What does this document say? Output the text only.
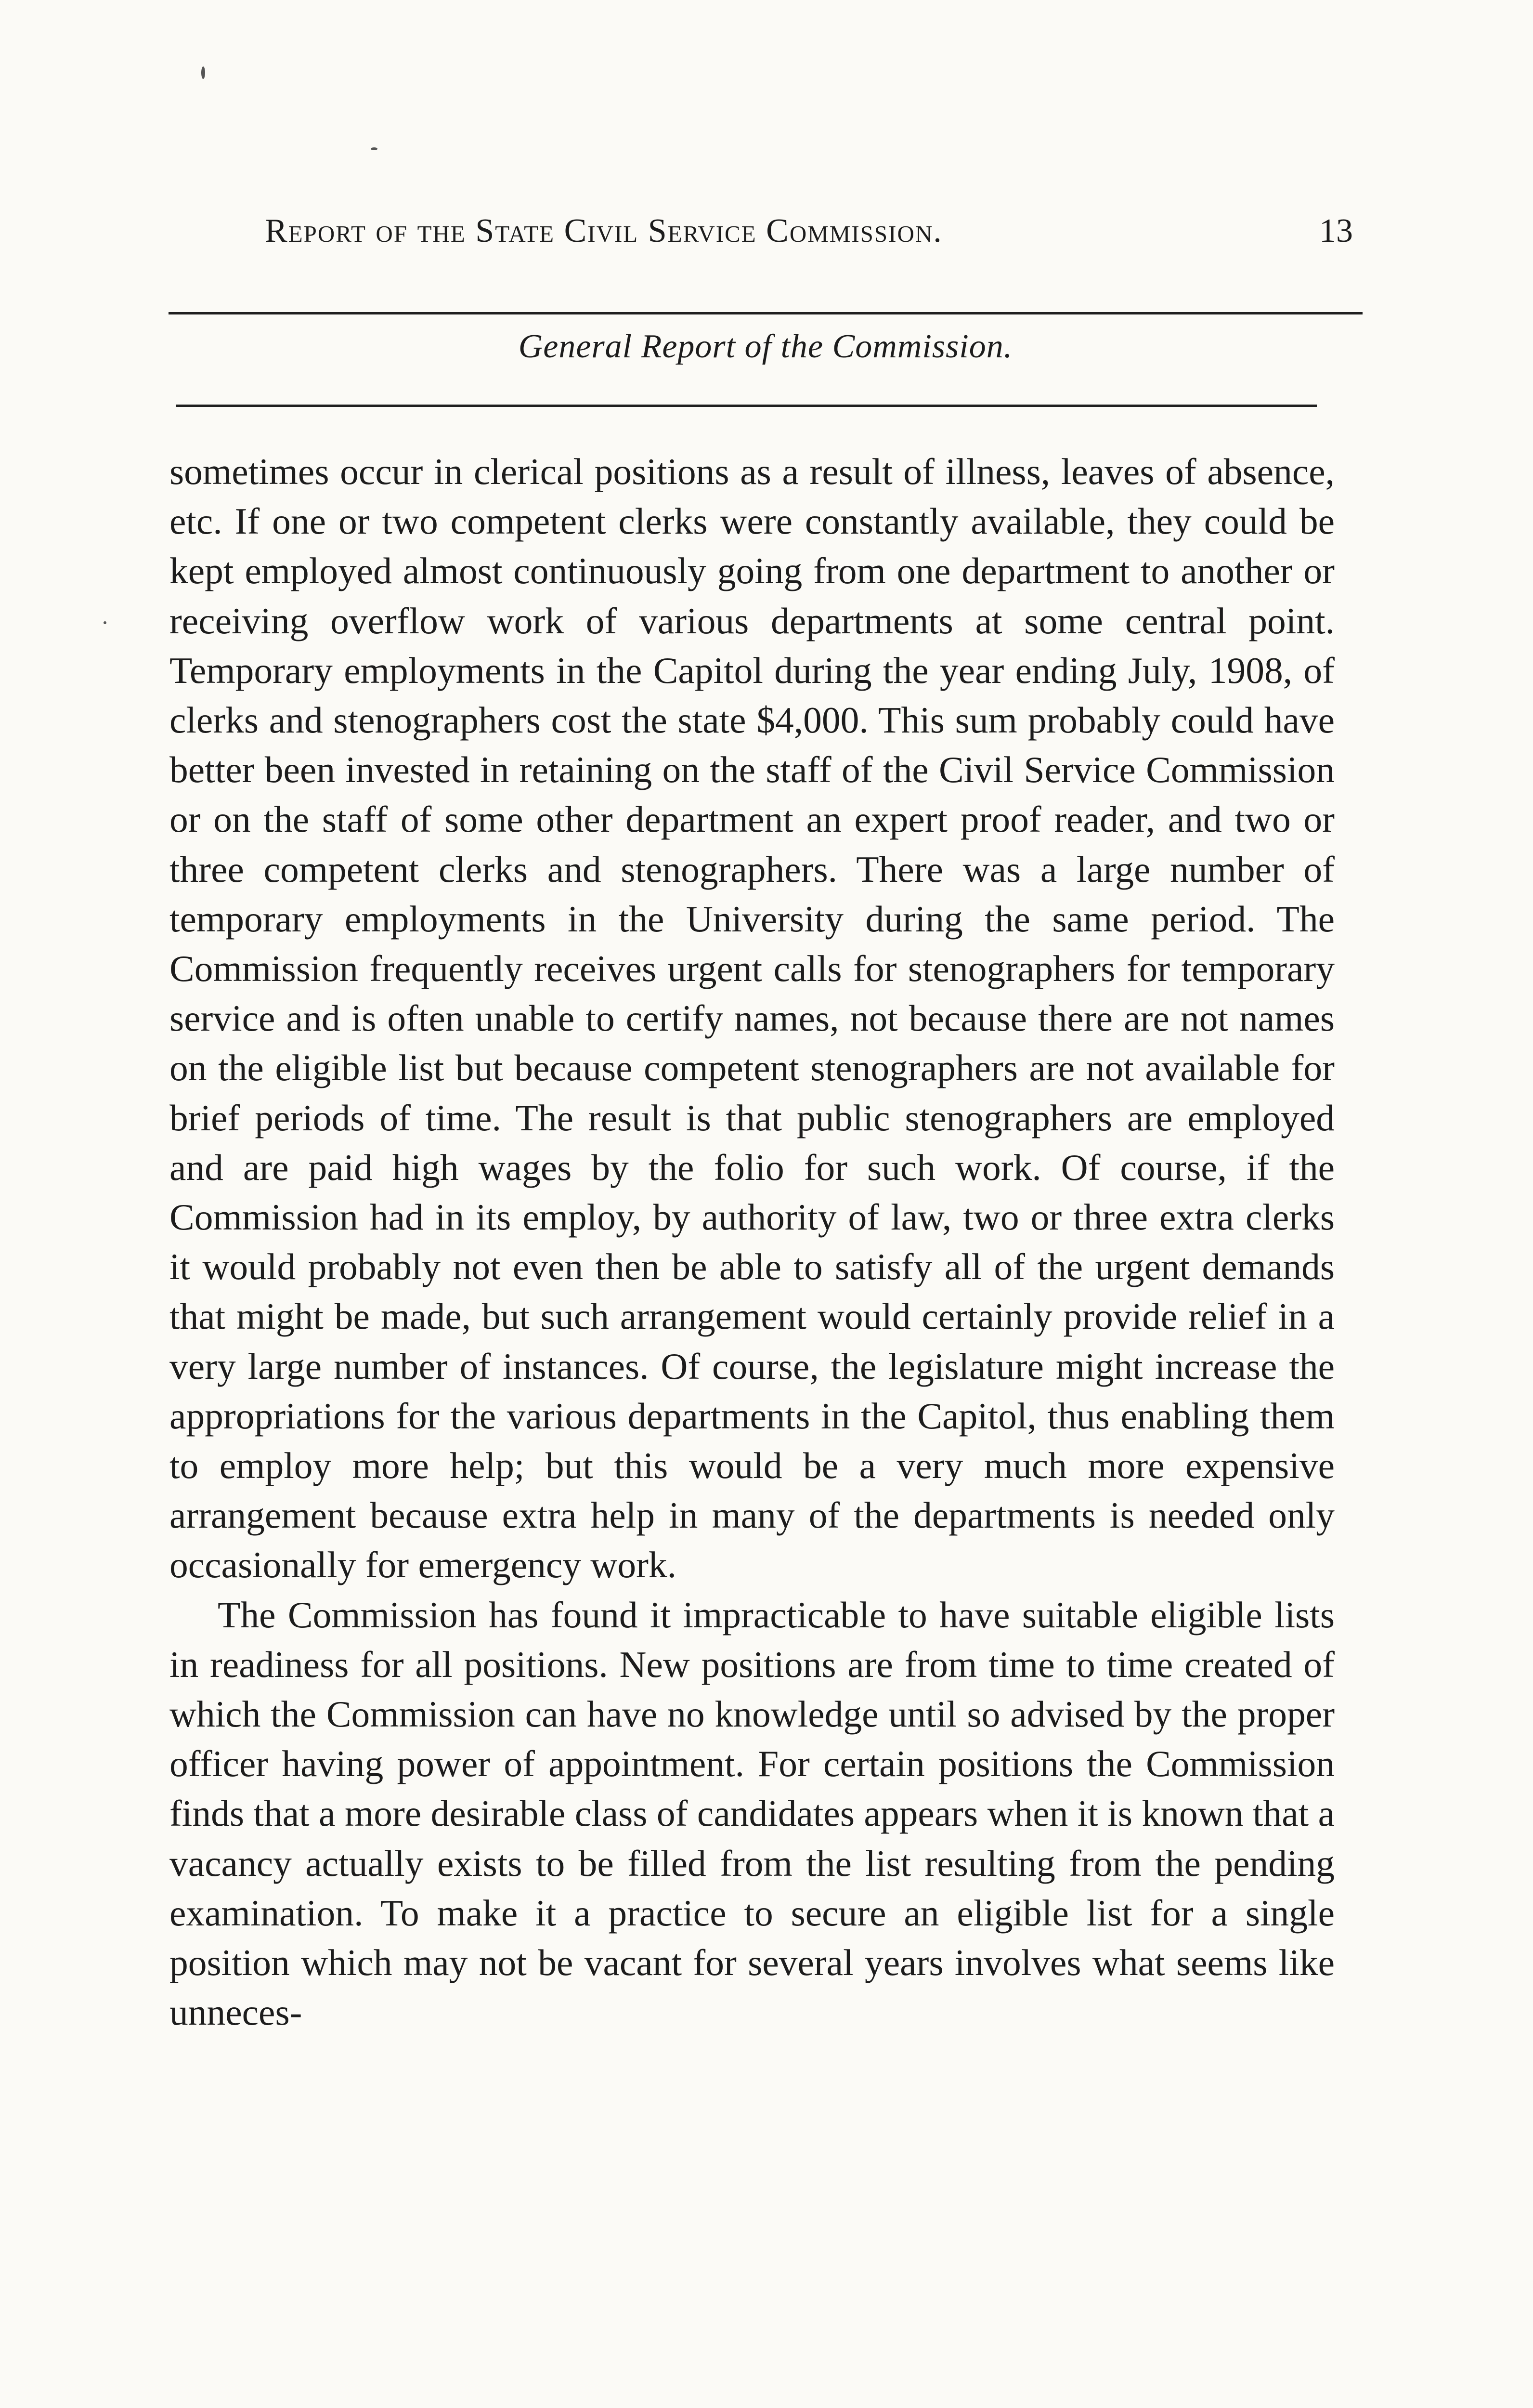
Report of the State Civil Service Commission.	13
General Report of the Commission.

sometimes occur in clerical positions as a result of illness, leaves of absence, etc. If one or two competent clerks were constantly available, they could be kept employed almost continuously going from one department to another or receiving overflow work of various departments at some central point. Temporary employments in the Capitol during the year ending July, 1908, of clerks and stenographers cost the state $4,000. This sum probably could have better been invested in retaining on the staff of the Civil Service Commission or on the staff of some other department an expert proof reader, and two or three competent clerks and stenographers. There was a large number of temporary employments in the University during the same period. The Commission frequently receives urgent calls for stenographers for temporary service and is often unable to certify names, not because there are not names on the eligible list but because competent stenographers are not available for brief periods of time. The result is that public stenographers are employed and are paid high wages by the folio for such work. Of course, if the Commission had in its employ, by authority of law, two or three extra clerks it would probably not even then be able to satisfy all of the urgent demands that might be made, but such arrangement would certainly provide relief in a very large number of instances. Of course, the legislature might increase the appropriations for the various departments in the Capitol, thus enabling them to employ more help; but this would be a very much more expensive arrangement because extra help in many of the departments is needed only occasionally for emergency work.

The Commission has found it impracticable to have suitable eligible lists in readiness for all positions. New positions are from time to time created of which the Commission can have no knowledge until so advised by the proper officer having power of appointment. For certain positions the Commission finds that a more desirable class of candidates appears when it is known that a vacancy actually exists to be filled from the list resulting from the pending examination. To make it a practice to secure an eligible list for a single position which may not be vacant for several years involves what seems like unneces-
